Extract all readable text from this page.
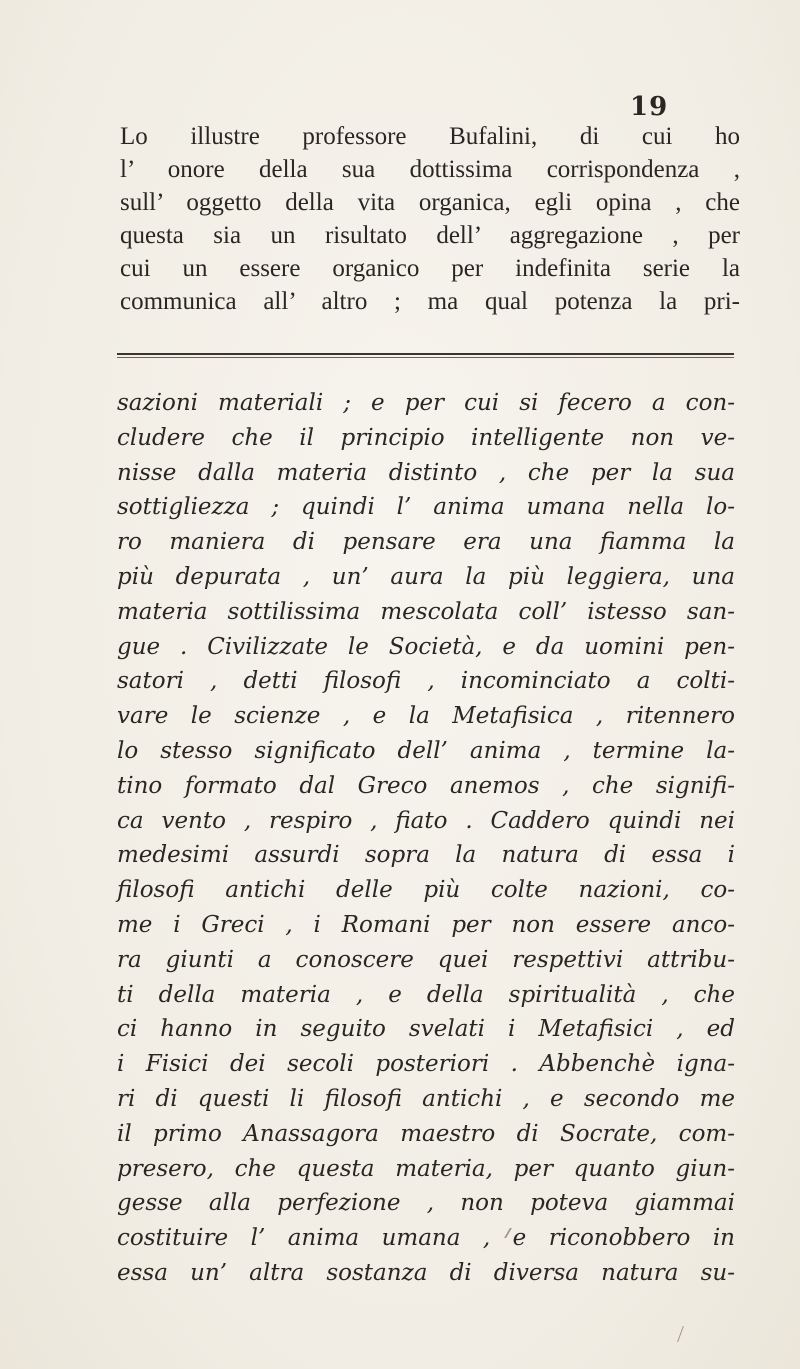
19
Lo illustre professore Bufalini, di cui ho
l’ onore della sua dottissima corrispondenza ,
sull’ oggetto della vita organica, egli opina , che
questa sia un risultato dell’ aggregazione , per
cui un essere organico per indefinita serie la
communica all’ altro ; ma qual potenza la pri-
sazioni materiali ; e per cui si fecero a con-
cludere che il principio intelligente non ve-
nisse dalla materia distinto , che per la sua
sottigliezza ; quindi l’ anima umana nella lo-
ro maniera di pensare era una fiamma la
più depurata , un’ aura la più leggiera, una
materia sottilissima mescolata coll’ istesso san-
gue . Civilizzate le Società, e da uomini pen-
satori , detti filosofi , incominciato a colti-
vare le scienze , e la Metafisica , ritennero
lo stesso significato dell’ anima , termine la-
tino formato dal Greco anemos , che signifi-
ca vento , respiro , fiato . Caddero quindi nei
medesimi assurdi sopra la natura di essa i
filosofi antichi delle più colte nazioni, co-
me i Greci , i Romani per non essere anco-
ra giunti a conoscere quei respettivi attribu-
ti della materia , e della spiritualità , che
ci hanno in seguito svelati i Metafisici , ed
i Fisici dei secoli posteriori . Abbenchè igna-
ri di questi li filosofi antichi , e secondo me
il primo Anassagora maestro di Socrate, com-
presero, che questa materia, per quanto giun-
gesse alla perfezione , non poteva giammai
costituire l’ anima umana , e riconobbero in
essa un’ altra sostanza di diversa natura su-
